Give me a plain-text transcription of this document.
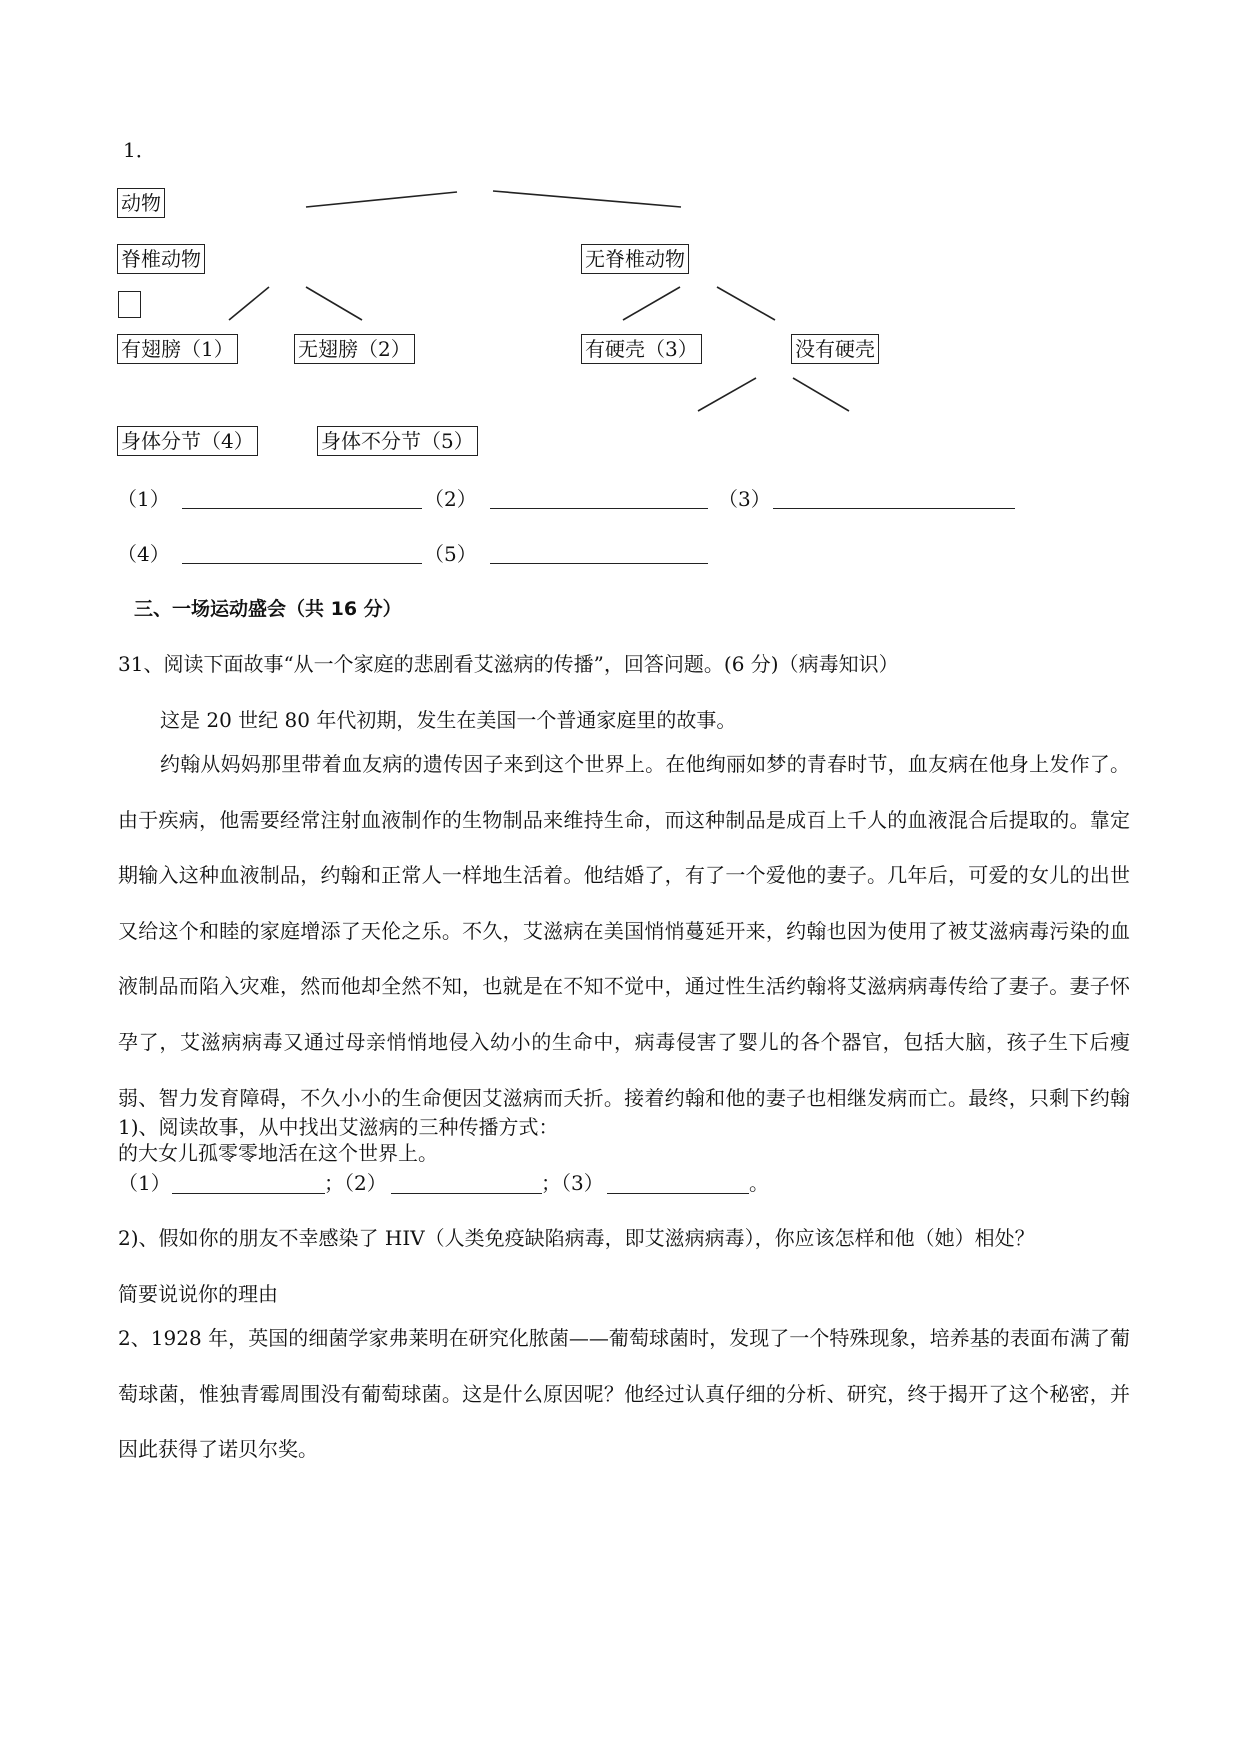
1．
动物
脊椎动物	无脊椎动物
有翅膀（1）	无翅膀（2）	有硬壳（3）	没有硬壳
身体分节（4）	身体不分节（5）
（1）	（2）	（3）
（4）	（5）
三、一场运动盛会（共 16 分）
31、阅读下面故事“从一个家庭的悲剧看艾滋病的传播”，回答问题。(6 分)（病毒知识）
这是 20 世纪 80 年代初期，发生在美国一个普通家庭里的故事。
约翰从妈妈那里带着血友病的遗传因子来到这个世界上。在他绚丽如梦的青春时节，血友病在他身上发作了。由于疾病，他需要经常注射血液制作的生物制品来维持生命，而这种制品是成百上千人的血液混合后提取的。靠定期输入这种血液制品，约翰和正常人一样地生活着。他结婚了，有了一个爱他的妻子。几年后，可爱的女儿的出世又给这个和睦的家庭增添了天伦之乐。不久，艾滋病在美国悄悄蔓延开来，约翰也因为使用了被艾滋病毒污染的血液制品而陷入灾难，然而他却全然不知，也就是在不知不觉中，通过性生活约翰将艾滋病病毒传给了妻子。妻子怀孕了，艾滋病病毒又通过母亲悄悄地侵入幼小的生命中，病毒侵害了婴儿的各个器官，包括大脑，孩子生下后瘦弱、智力发育障碍，不久小小的生命便因艾滋病而夭折。接着约翰和他的妻子也相继发病而亡。最终，只剩下约翰的大女儿孤零零地活在这个世界上。
1)、阅读故事，从中找出艾滋病的三种传播方式：
（1）	；（2）	；（3）	。
2)、假如你的朋友不幸感染了 HIV（人类免疫缺陷病毒，即艾滋病病毒），你应该怎样和他（她）相处？
简要说说你的理由
2、1928 年，英国的细菌学家弗莱明在研究化脓菌——葡萄球菌时，发现了一个特殊现象，培养基的表面布满了葡萄球菌，惟独青霉周围没有葡萄球菌。这是什么原因呢？他经过认真仔细的分析、研究，终于揭开了这个秘密，并因此获得了诺贝尔奖。
